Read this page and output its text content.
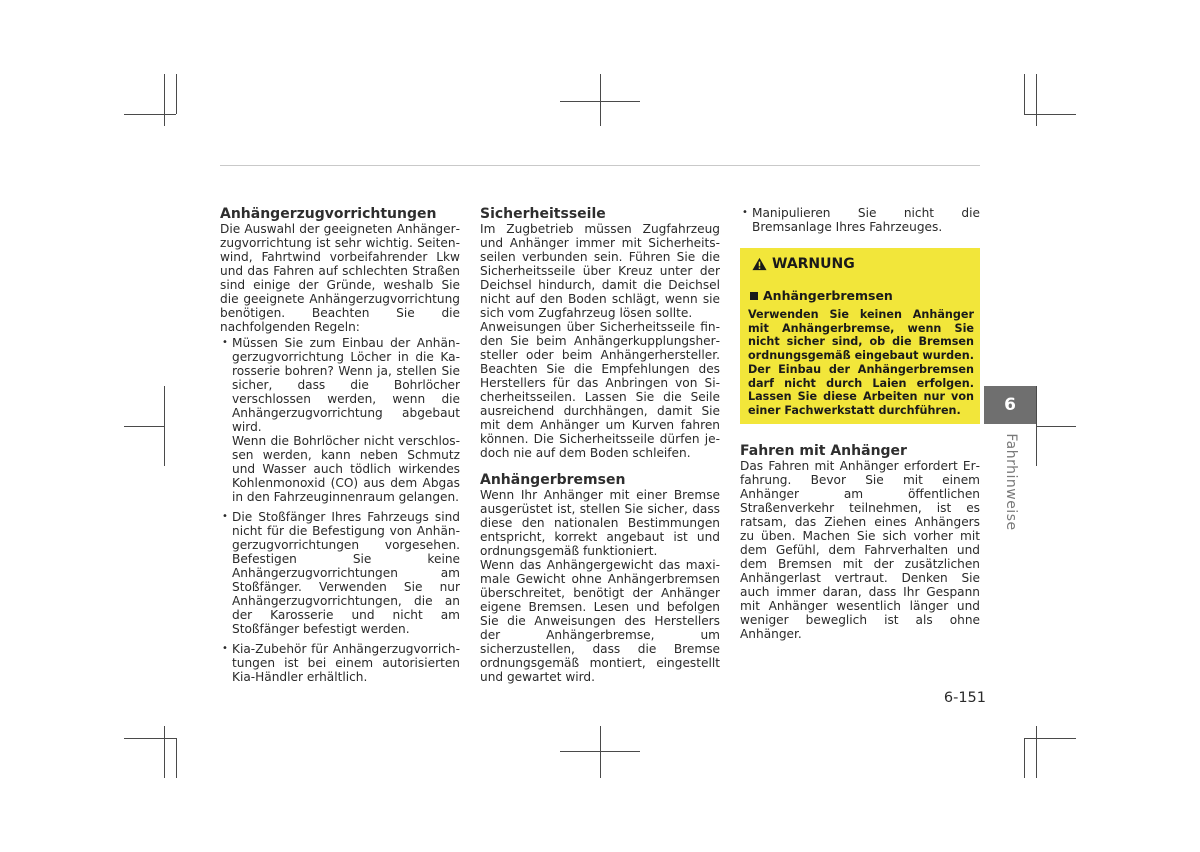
Anhängerzugvorrichtungen

Die Auswahl der geeigneten Anhängerzugvorrichtung ist sehr wichtig. Seitenwind, Fahrtwind vorbeifahrender Lkw und das Fahren auf schlechten Straßen sind einige der Gründe, weshalb Sie die geeignete Anhängerzugvorrichtung benötigen. Beachten Sie die nachfolgenden Regeln:

• Müssen Sie zum Einbau der Anhängerzugvorrichtung Löcher in die Karosserie bohren? Wenn ja, stellen Sie sicher, dass die Bohrlöcher verschlossen werden, wenn die Anhängerzugvorrichtung abgebaut wird.

Wenn die Bohrlöcher nicht verschlossen werden, kann neben Schmutz und Wasser auch tödlich wirkendes Kohlenmonoxid (CO) aus dem Abgas in den Fahrzeuginnenraum gelangen.

• Die Stoßfänger Ihres Fahrzeugs sind nicht für die Befestigung von Anhängerzugvorrichtungen vorgesehen. Befestigen Sie keine Anhängerzugvorrichtungen am Stoßfänger. Verwenden Sie nur Anhängerzugvorrichtungen, die an der Karosserie und nicht am Stoßfänger befestigt werden.

• Kia-Zubehör für Anhängerzugvorrichtungen ist bei einem autorisierten Kia-Händler erhältlich.

Sicherheitsseile

Im Zugbetrieb müssen Zugfahrzeug und Anhänger immer mit Sicherheitsseilen verbunden sein. Führen Sie die Sicherheitsseile über Kreuz unter der Deichsel hindurch, damit die Deichsel nicht auf den Boden schlägt, wenn sie sich vom Zugfahrzeug lösen sollte.

Anweisungen über Sicherheitsseile finden Sie beim Anhängerkupplungshersteller oder beim Anhängerhersteller. Beachten Sie die Empfehlungen des Herstellers für das Anbringen von Sicherheitsseilen. Lassen Sie die Seile ausreichend durchhängen, damit Sie mit dem Anhänger um Kurven fahren können. Die Sicherheitsseile dürfen jedoch nie auf dem Boden schleifen.

Anhängerbremsen

Wenn Ihr Anhänger mit einer Bremse ausgerüstet ist, stellen Sie sicher, dass diese den nationalen Bestimmungen entspricht, korrekt angebaut ist und ordnungsgemäß funktioniert.

Wenn das Anhängergewicht das maximale Gewicht ohne Anhängerbremsen überschreitet, benötigt der Anhänger eigene Bremsen. Lesen und befolgen Sie die Anweisungen des Herstellers der Anhängerbremse, um sicherzustellen, dass die Bremse ordnungsgemäß montiert, eingestellt und gewartet wird.

• Manipulieren Sie nicht die Bremsanlage Ihres Fahrzeuges.

WARNUNG
Anhängerbremsen

Verwenden Sie keinen Anhänger mit Anhängerbremse, wenn Sie nicht sicher sind, ob die Bremsen ordnungsgemäß eingebaut wurden. Der Einbau der Anhängerbremsen darf nicht durch Laien erfolgen. Lassen Sie diese Arbeiten nur von einer Fachwerkstatt durchführen.

Fahren mit Anhänger

Das Fahren mit Anhänger erfordert Erfahrung. Bevor Sie mit einem Anhänger am öffentlichen Straßenverkehr teilnehmen, ist es ratsam, das Ziehen eines Anhängers zu üben. Machen Sie sich vorher mit dem Gefühl, dem Fahrverhalten und dem Bremsen mit der zusätzlichen Anhängerlast vertraut. Denken Sie auch immer daran, dass Ihr Gespann mit Anhänger wesentlich länger und weniger beweglich ist als ohne Anhänger.

6
Fahrhinweise
6-151
